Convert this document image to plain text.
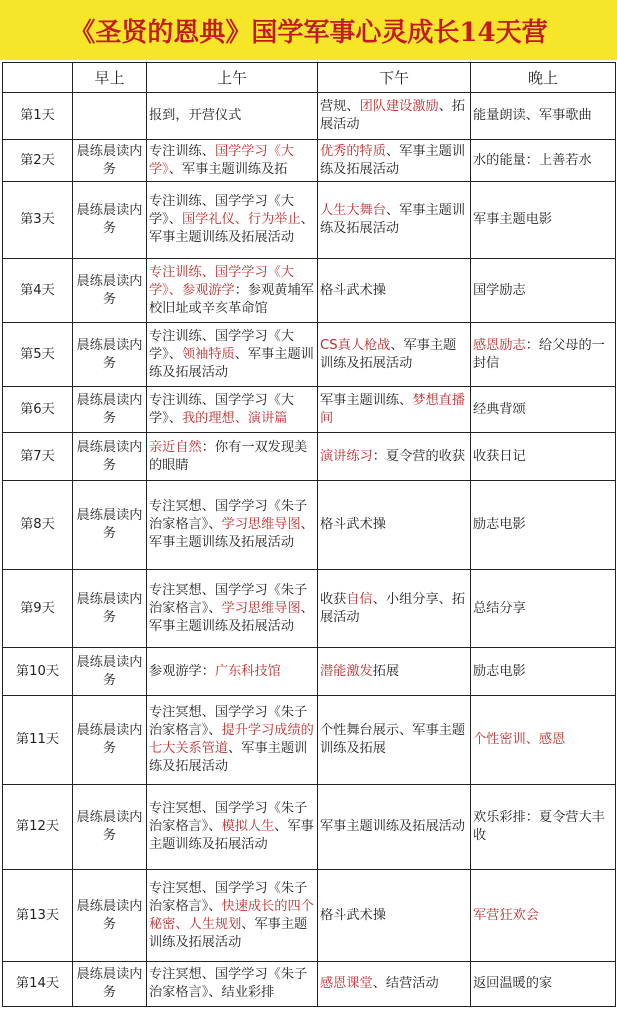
《圣贤的恩典》国学军事心灵成长14天营
	早上	上午	下午	晚上
第1天		报到，开营仪式	营规、团队建设激励、拓展活动	能量朗读、军事歌曲
第2天	晨练晨读内务	专注训练、国学学习《大学》、军事主题训练及拓	优秀的特质、军事主题训练及拓展活动	水的能量：上善若水
第3天	晨练晨读内务	专注训练、国学学习《大学》、国学礼仪、行为举止、军事主题训练及拓展活动	人生大舞台、军事主题训练及拓展活动	军事主题电影
第4天	晨练晨读内务	专注训练、国学学习《大学》、参观游学：参观黄埔军校旧址或辛亥革命馆	格斗武术操	国学励志
第5天	晨练晨读内务	专注训练、国学学习《大学》、领袖特质、军事主题训练及拓展活动	CS真人枪战、军事主题训练及拓展活动	感恩励志：给父母的一封信
第6天	晨练晨读内务	专注训练、国学学习《大学》、我的理想、演讲篇	军事主题训练、梦想直播间	经典背颂
第7天	晨练晨读内务	亲近自然：你有一双发现美的眼睛	演讲练习：夏令营的收获	收获日记
第8天	晨练晨读内务	专注冥想、国学学习《朱子治家格言》、学习思维导图、军事主题训练及拓展活动	格斗武术操	励志电影
第9天	晨练晨读内务	专注冥想、国学学习《朱子治家格言》、学习思维导图、军事主题训练及拓展活动	收获自信、小组分享、拓展活动	总结分享
第10天	晨练晨读内务	参观游学：广东科技馆	潜能激发拓展	励志电影
第11天	晨练晨读内务	专注冥想、国学学习《朱子治家格言》、提升学习成绩的七大关系管道、军事主题训练及拓展活动	个性舞台展示、军事主题训练及拓展	个性密训、感恩
第12天	晨练晨读内务	专注冥想、国学学习《朱子治家格言》、模拟人生、军事主题训练及拓展活动	军事主题训练及拓展活动	欢乐彩排：夏令营大丰收
第13天	晨练晨读内务	专注冥想、国学学习《朱子治家格言》、快速成长的四个秘密、人生规划、军事主题训练及拓展活动	格斗武术操	军营狂欢会
第14天	晨练晨读内务	专注冥想、国学学习《朱子治家格言》、结业彩排	感恩课堂、结营活动	返回温暖的家
